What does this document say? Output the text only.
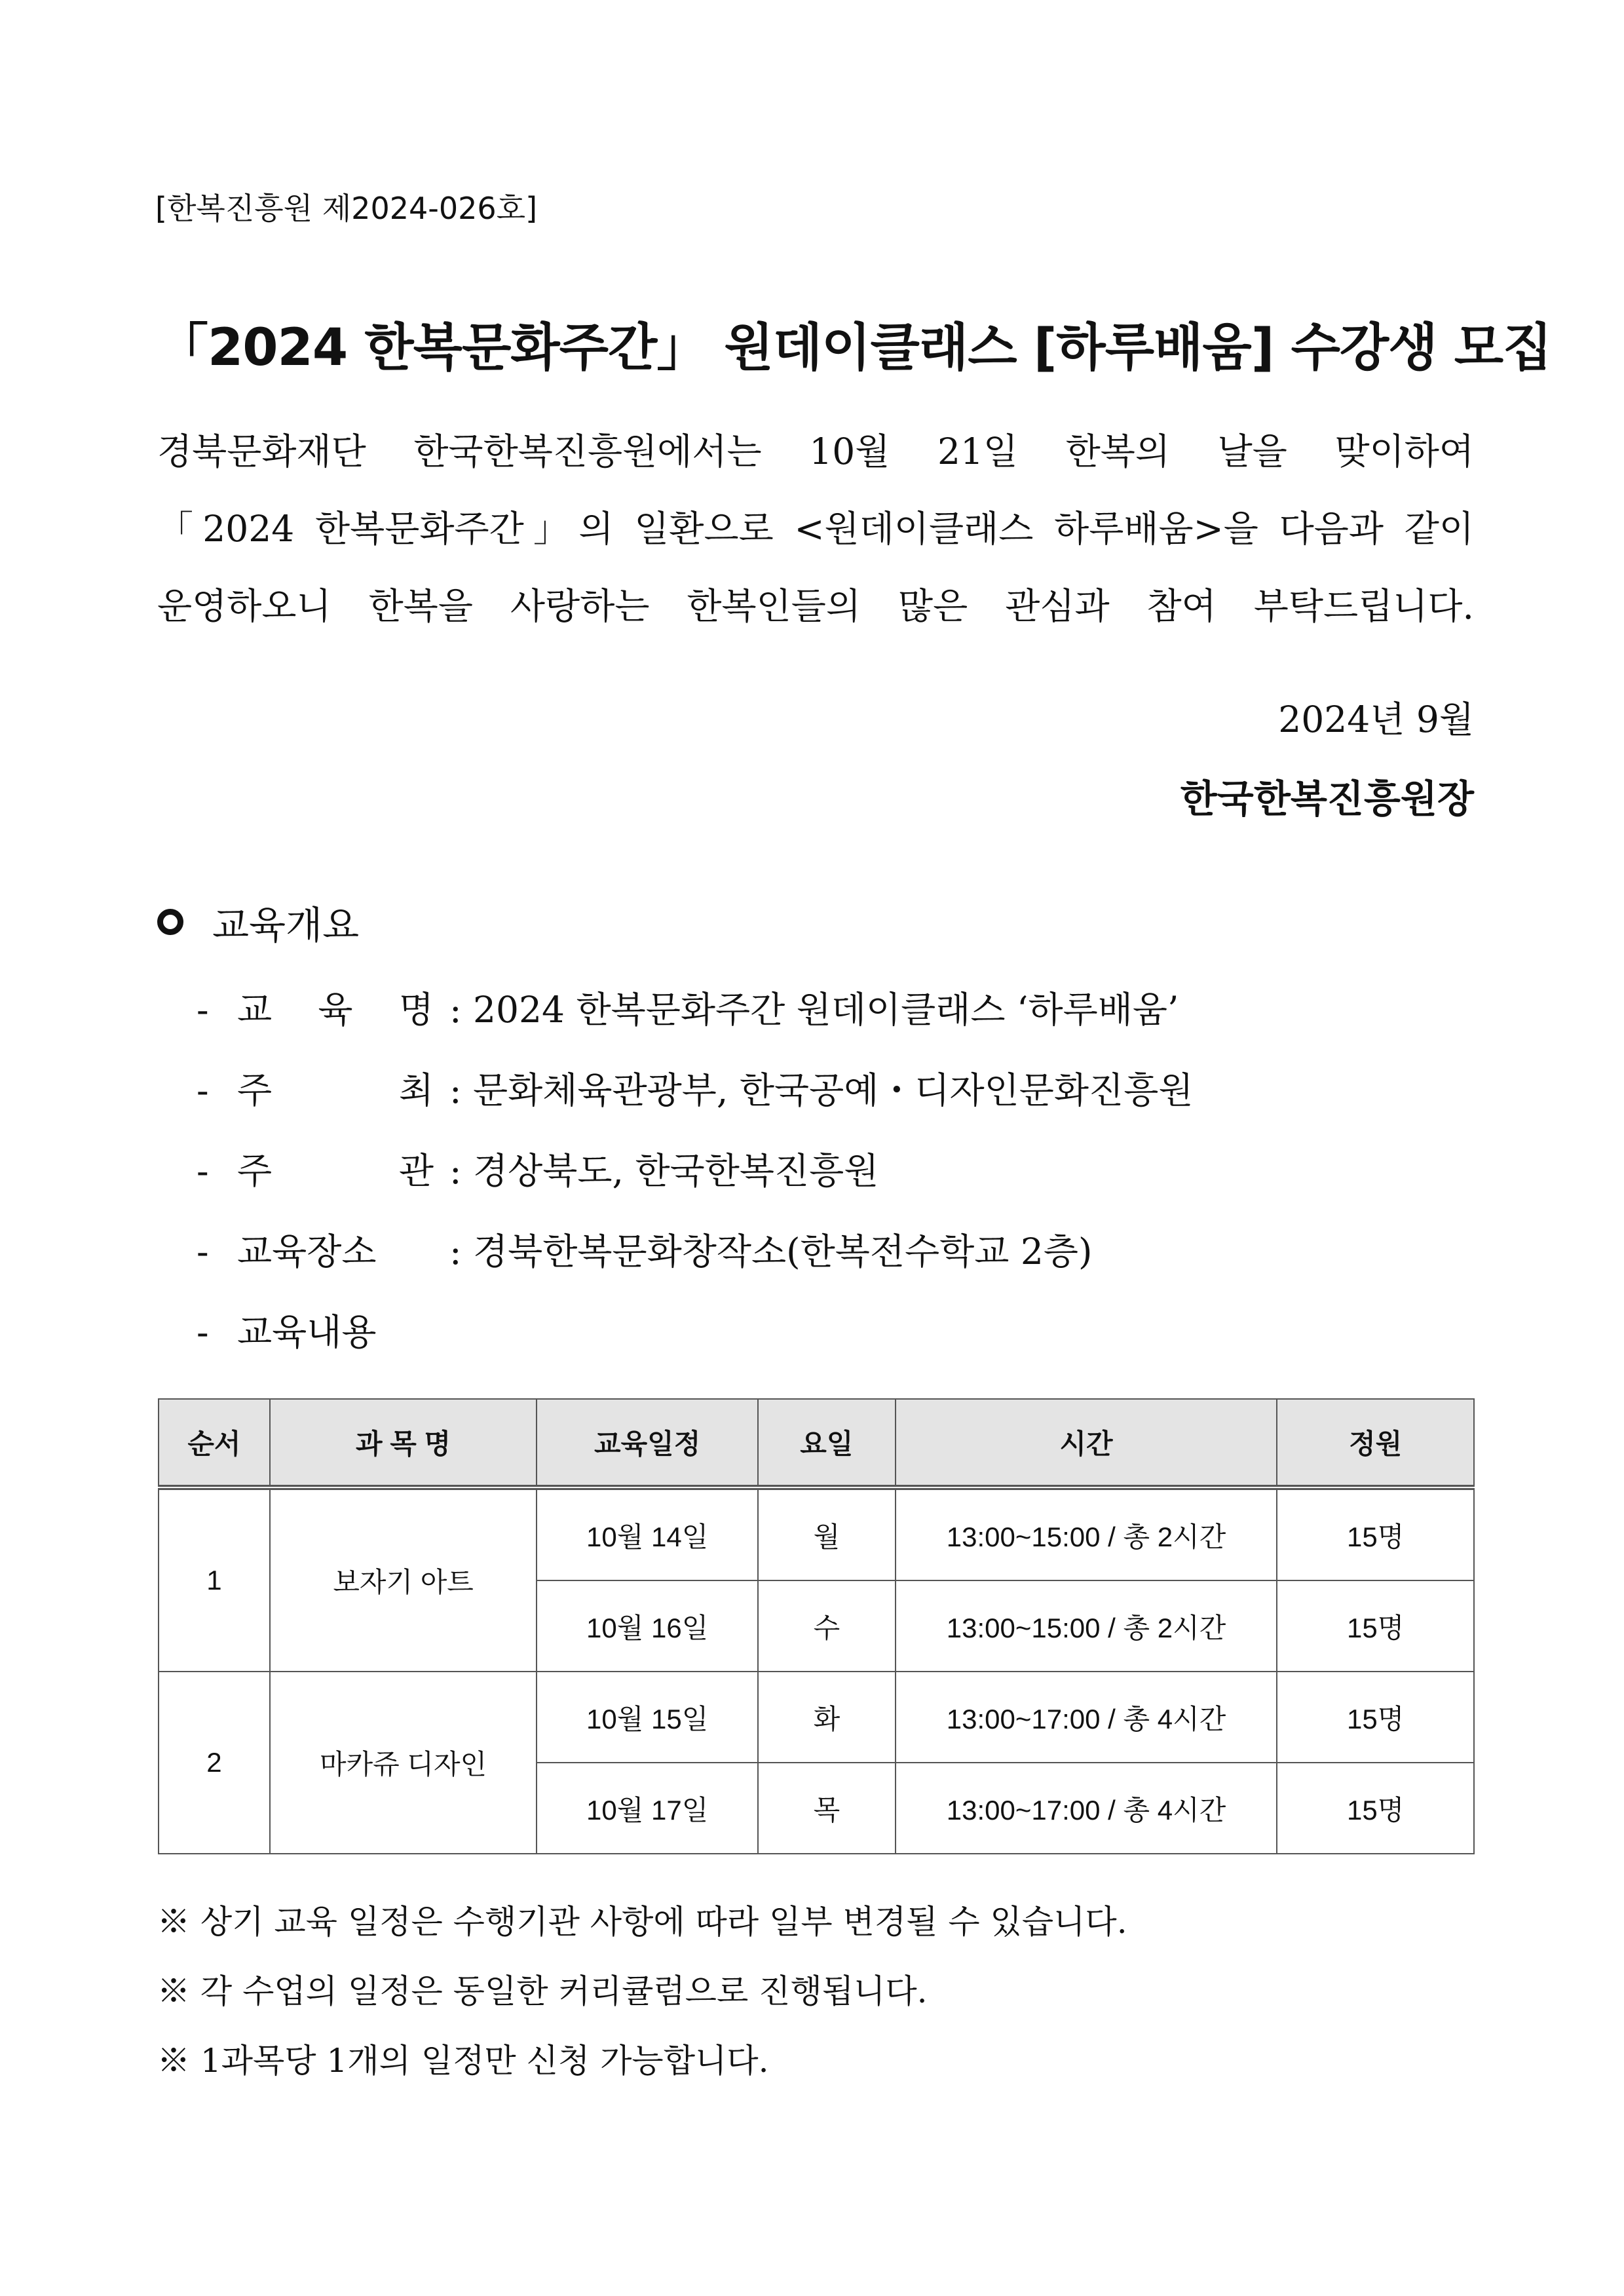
[한복진흥원 제2024-026호]
「2024 한복문화주간」 원데이클래스 [하루배움] 수강생 모집
경북문화재단 한국한복진흥원에서는 10월 21일 한복의 날을 맞이하여
「2024 한복문화주간」의 일환으로 <원데이클래스 하루배움>을 다음과 같이
운영하오니 한복을 사랑하는 한복인들의 많은 관심과 참여 부탁드립니다.
2024년 9월
한국한복진흥원장
교육개요
- 교 육 명 : 2024 한복문화주간 원데이클래스 ‘하루배움’
- 주	최 : 문화체육관광부, 한국공예・디자인문화진흥원
- 주	관 : 경상북도, 한국한복진흥원
- 교육장소	: 경북한복문화창작소(한복전수학교 2층)
- 교육내용
순서	과 목 명	교육일정	요일	시간	정원
1	보자기 아트	10월 14일	월	13:00~15:00 / 총 2시간	15명
		10월 16일	수	13:00~15:00 / 총 2시간	15명
2	마카쥬 디자인	10월 15일	화	13:00~17:00 / 총 4시간	15명
		10월 17일	목	13:00~17:00 / 총 4시간	15명
※ 상기 교육 일정은 수행기관 사항에 따라 일부 변경될 수 있습니다.
※ 각 수업의 일정은 동일한 커리큘럼으로 진행됩니다.
※ 1과목당 1개의 일정만 신청 가능합니다.
